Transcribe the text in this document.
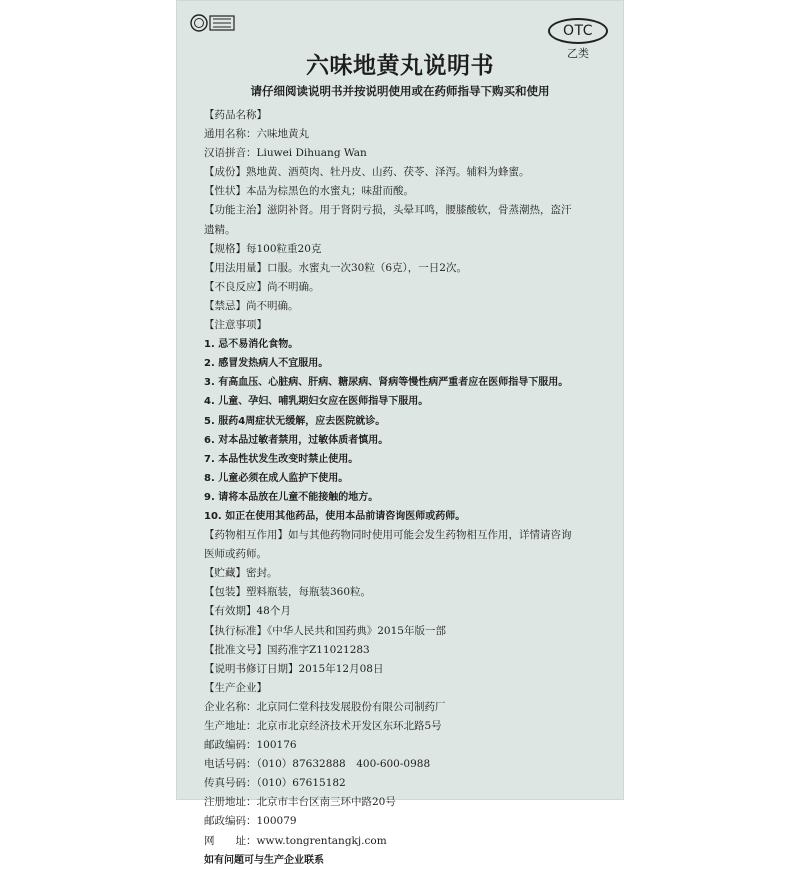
OTC
乙类
六味地黄丸说明书
请仔细阅读说明书并按说明使用或在药师指导下购买和使用
【药品名称】
通用名称：六味地黄丸
汉语拼音：Liuwei Dihuang Wan
【成份】熟地黄、酒萸肉、牡丹皮、山药、茯苓、泽泻。辅料为蜂蜜。
【性状】本品为棕黑色的水蜜丸；味甜而酸。
【功能主治】滋阴补肾。用于肾阴亏损，头晕耳鸣，腰膝酸软，骨蒸潮热，盗汗
遗精。
【规格】每100粒重20克
【用法用量】口服。水蜜丸一次30粒（6克），一日2次。
【不良反应】尚不明确。
【禁忌】尚不明确。
【注意事项】
1. 忌不易消化食物。
2. 感冒发热病人不宜服用。
3. 有高血压、心脏病、肝病、糖尿病、肾病等慢性病严重者应在医师指导下服用。
4. 儿童、孕妇、哺乳期妇女应在医师指导下服用。
5. 服药4周症状无缓解，应去医院就诊。
6. 对本品过敏者禁用，过敏体质者慎用。
7. 本品性状发生改变时禁止使用。
8. 儿童必须在成人监护下使用。
9. 请将本品放在儿童不能接触的地方。
10. 如正在使用其他药品，使用本品前请咨询医师或药师。
【药物相互作用】如与其他药物同时使用可能会发生药物相互作用，详情请咨询
医师或药师。
【贮藏】密封。
【包装】塑料瓶装，每瓶装360粒。
【有效期】48个月
【执行标准】《中华人民共和国药典》2015年版一部
【批准文号】国药准字Z11021283
【说明书修订日期】2015年12月08日
【生产企业】
企业名称：北京同仁堂科技发展股份有限公司制药厂
生产地址：北京市北京经济技术开发区东环北路5号
邮政编码：100176
电话号码：（010）87632888　400-600-0988
传真号码：（010）67615182
注册地址：北京市丰台区南三环中路20号
邮政编码：100079
网　　址：www.tongrentangkj.com
如有问题可与生产企业联系
